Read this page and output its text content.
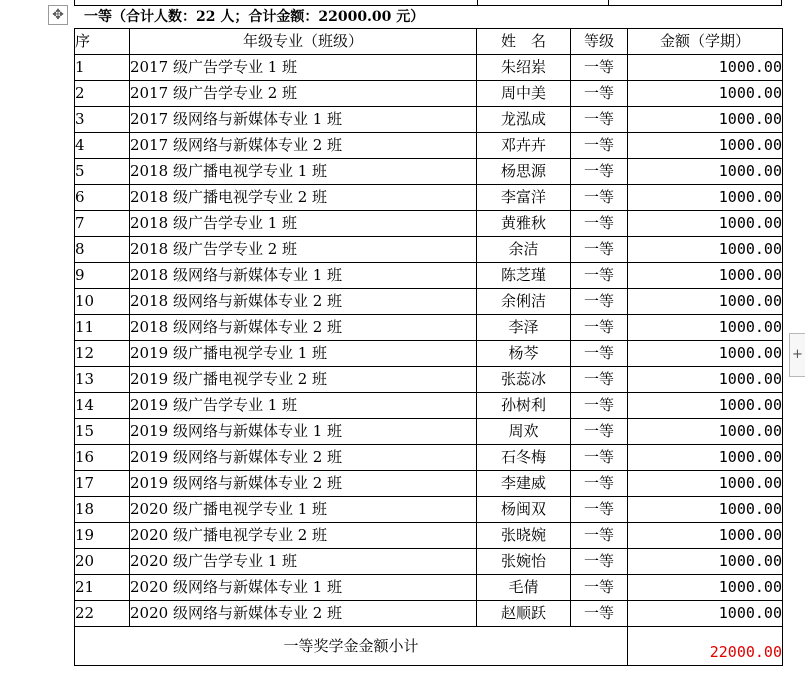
✥ 一等（合计人数：22 人；合计金额：22000.00 元）
+
序	年级专业（班级）	姓　名	等级	金额（学期）
1	2017 级广告学专业 1 班	朱绍岽	一等	1000.00
2	2017 级广告学专业 2 班	周中美	一等	1000.00
3	2017 级网络与新媒体专业 1 班	龙泓成	一等	1000.00
4	2017 级网络与新媒体专业 2 班	邓卉卉	一等	1000.00
5	2018 级广播电视学专业 1 班	杨思源	一等	1000.00
6	2018 级广播电视学专业 2 班	李富洋	一等	1000.00
7	2018 级广告学专业 1 班	黄雅秋	一等	1000.00
8	2018 级广告学专业 2 班	余洁	一等	1000.00
9	2018 级网络与新媒体专业 1 班	陈芝瑾	一等	1000.00
10	2018 级网络与新媒体专业 2 班	余俐洁	一等	1000.00
11	2018 级网络与新媒体专业 2 班	李泽	一等	1000.00
12	2019 级广播电视学专业 1 班	杨芩	一等	1000.00
13	2019 级广播电视学专业 2 班	张蕊冰	一等	1000.00
14	2019 级广告学专业 1 班	孙树利	一等	1000.00
15	2019 级网络与新媒体专业 1 班	周欢	一等	1000.00
16	2019 级网络与新媒体专业 2 班	石冬梅	一等	1000.00
17	2019 级网络与新媒体专业 2 班	李建威	一等	1000.00
18	2020 级广播电视学专业 1 班	杨闽双	一等	1000.00
19	2020 级广播电视学专业 2 班	张晓婉	一等	1000.00
20	2020 级广告学专业 1 班	张婉怡	一等	1000.00
21	2020 级网络与新媒体专业 1 班	毛倩	一等	1000.00
22	2020 级网络与新媒体专业 2 班	赵顺跃	一等	1000.00
一等奖学金金额小计				22000.00
